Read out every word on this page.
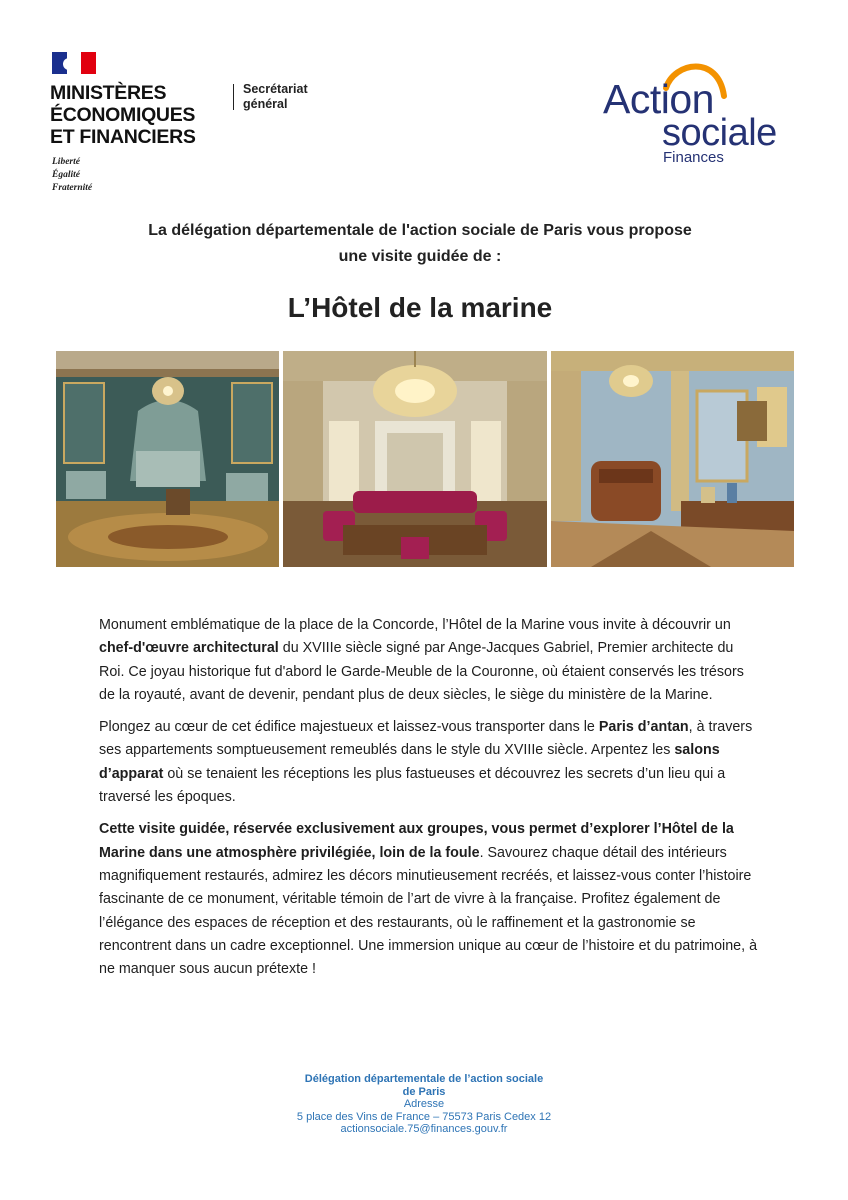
MINISTÈRES
ÉCONOMIQUES
ET FINANCIERS
Liberté
Égalité
Fraternité
Secrétariat
général	Action
sociale
Finances
La délégation départementale de l'action sociale de Paris vous propose
une visite guidée de :
L’Hôtel de la marine

Monument emblématique de la place de la Concorde, l’Hôtel de la Marine vous invite à découvrir un chef-d'œuvre architectural du XVIIIe siècle signé par Ange-Jacques Gabriel, Premier architecte du Roi. Ce joyau historique fut d'abord le Garde-Meuble de la Couronne, où étaient conservés les trésors de la royauté, avant de devenir, pendant plus de deux siècles, le siège du ministère de la Marine.

Plongez au cœur de cet édifice majestueux et laissez-vous transporter dans le Paris d’antan, à travers ses appartements somptueusement remeublés dans le style du XVIIIe siècle. Arpentez les salons d’apparat où se tenaient les réceptions les plus fastueuses et découvrez les secrets d’un lieu qui a traversé les époques.

Cette visite guidée, réservée exclusivement aux groupes, vous permet d’explorer l’Hôtel de la Marine dans une atmosphère privilégiée, loin de la foule. Savourez chaque détail des intérieurs magnifiquement restaurés, admirez les décors minutieusement recréés, et laissez-vous conter l’histoire fascinante de ce monument, véritable témoin de l’art de vivre à la française. Profitez également de l’élégance des espaces de réception et des restaurants, où le raffinement et la gastronomie se rencontrent dans un cadre exceptionnel. Une immersion unique au cœur de l’histoire et du patrimoine, à ne manquer sous aucun prétexte !

Délégation départementale de l’action sociale
de Paris
Adresse
5 place des Vins de France – 75573 Paris Cedex 12
actionsociale.75@finances.gouv.fr
